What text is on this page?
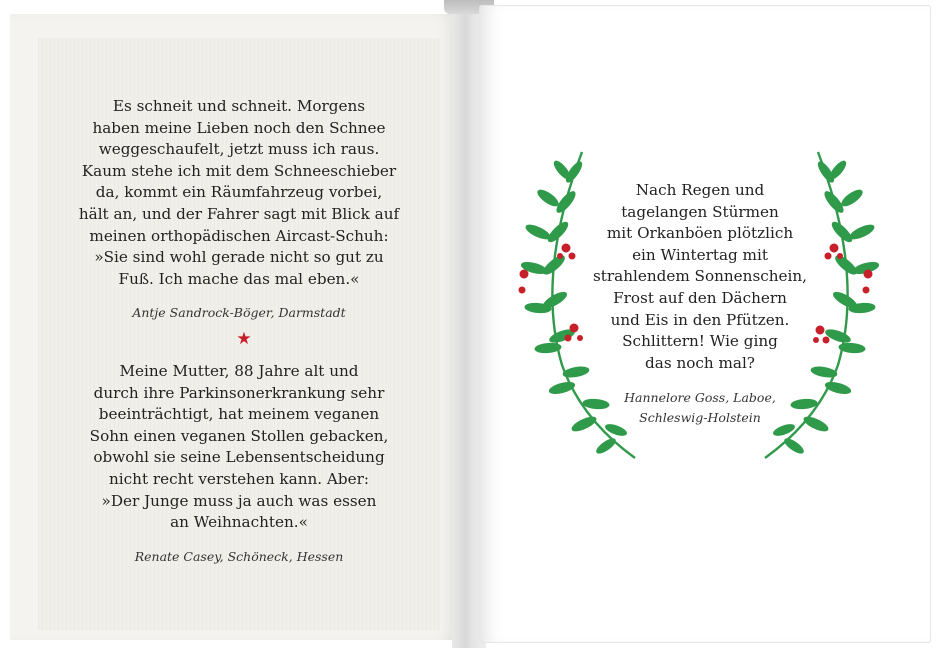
Es schneit und schneit. Morgens
haben meine Lieben noch den Schnee
weggeschaufelt, jetzt muss ich raus.
Kaum stehe ich mit dem Schneeschieber
da, kommt ein Räumfahrzeug vorbei,
hält an, und der Fahrer sagt mit Blick auf
meinen orthopädischen Aircast-Schuh:
»Sie sind wohl gerade nicht so gut zu
Fuß. Ich mache das mal eben.«

Antje Sandrock-Böger, Darmstadt
★

Meine Mutter, 88 Jahre alt und
durch ihre Parkinsonerkrankung sehr
beeinträchtigt, hat meinem veganen
Sohn einen veganen Stollen gebacken,
obwohl sie seine Lebensentscheidung
nicht recht verstehen kann. Aber:
»Der Junge muss ja auch was essen
an Weihnachten.«

Renate Casey, Schöneck, Hessen

Nach Regen und
tagelangen Stürmen
mit Orkanböen plötzlich
ein Wintertag mit
strahlendem Sonnenschein,
Frost auf den Dächern
und Eis in den Pfützen.
Schlittern! Wie ging
das noch mal?

Hannelore Goss, Laboe,
Schleswig-Holstein
